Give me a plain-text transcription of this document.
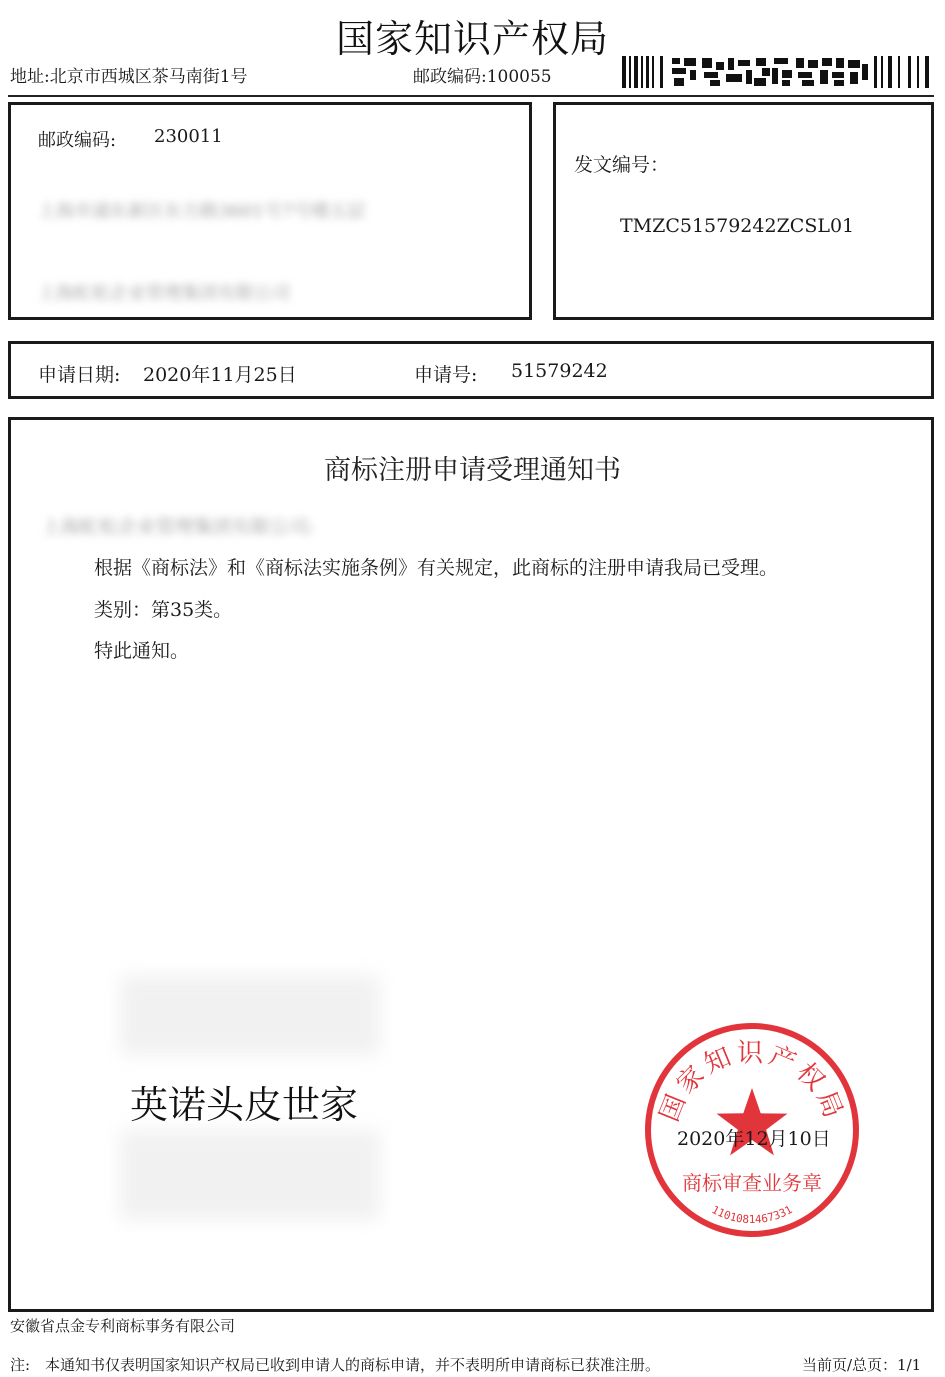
国家知识产权局
地址:北京市西城区茶马南街1号	邮政编码:100055
邮政编码: 230011
上海市浦东新区东方路3601号7号楼五层
上海虹松企业管理集团有限公司
发文编号：
TMZC51579242ZCSL01
申请日期: 2020年11月25日	申请号: 51579242
商标注册申请受理通知书
上海虹松企业管理集团有限公司:
根据《商标法》和《商标法实施条例》有关规定，此商标的注册申请我局已受理。
类别：第35类。
特此通知。
英诺头皮世家	国家知识产权局
商标审查业务章
1101081467331
2020年12月10日
安徽省点金专利商标事务有限公司
注: 本通知书仅表明国家知识产权局已收到申请人的商标申请，并不表明所申请商标已获准注册。	当前页/总页：1/1
